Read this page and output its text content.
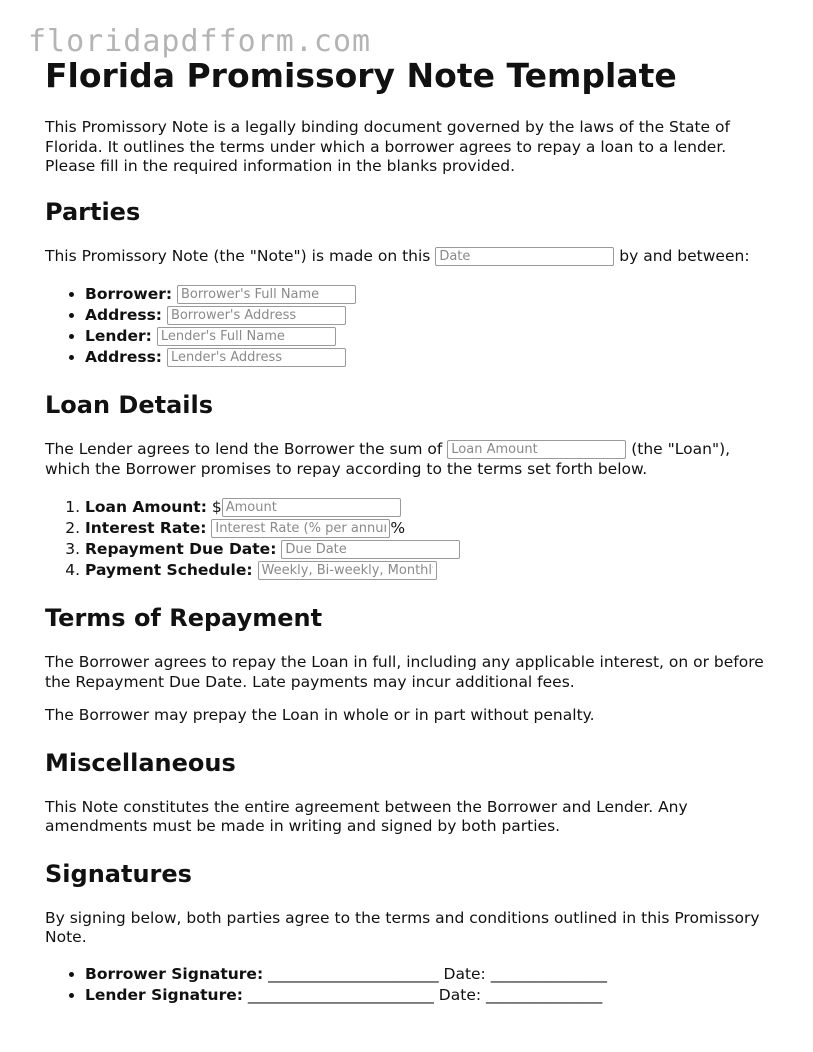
floridapdfform.com
Florida Promissory Note Template

This Promissory Note is a legally binding document governed by the laws of the State of Florida. It outlines the terms under which a borrower agrees to repay a loan to a lender. Please fill in the required information in the blanks provided.

Parties

This Promissory Note (the "Note") is made on this Date	by and between:

• Borrower: Borrower's Full Name
• Address: Borrower's Address
• Lender: Lender's Full Name
• Address: Lender's Address
Loan Details

The Lender agrees to lend the Borrower the sum of Loan Amount	(the "Loan"), which the Borrower promises to repay according to the terms set forth below.

1. Loan Amount: $Amount
2. Interest Rate: Interest Rate (% per annum)	%
3. Repayment Due Date: Due Date
4. Payment Schedule: Weekly, Bi-weekly, Monthly
Terms of Repayment

The Borrower agrees to repay the Loan in full, including any applicable interest, on or before the Repayment Due Date. Late payments may incur additional fees.

The Borrower may prepay the Loan in whole or in part without penalty.

Miscellaneous

This Note constitutes the entire agreement between the Borrower and Lender. Any amendments must be made in writing and signed by both parties.

Signatures

By signing below, both parties agree to the terms and conditions outlined in this Promissory Note.

• Borrower Signature: ______________________ Date: _______________
• Lender Signature: ________________________ Date: _______________
